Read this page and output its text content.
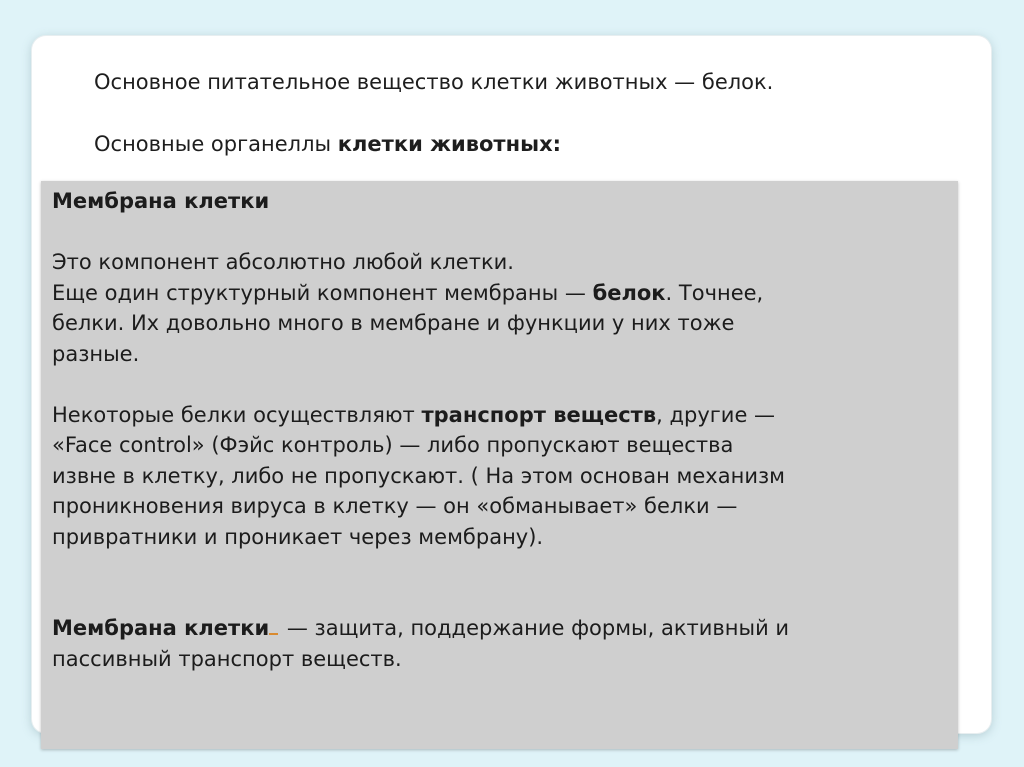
Основное питательное вещество клетки животных — белок.
Основные органеллы клетки животных:

Мембрана клетки

Это компонент абсолютно любой клетки.

Еще один структурный компонент мембраны — белок. Точнее,
белки. Их довольно много в мембране и функции у них тоже
разные.

Некоторые белки осуществляют транспорт веществ, другие —
«Face control» (Фэйс контроль) — либо пропускают вещества
извне в клетку, либо не пропускают. ( На этом основан механизм
проникновения вируса в клетку — он «обманывает» белки —
привратники и проникает через мембрану).

Мембрана клетки — защита, поддержание формы, активный и
пассивный транспорт веществ.
